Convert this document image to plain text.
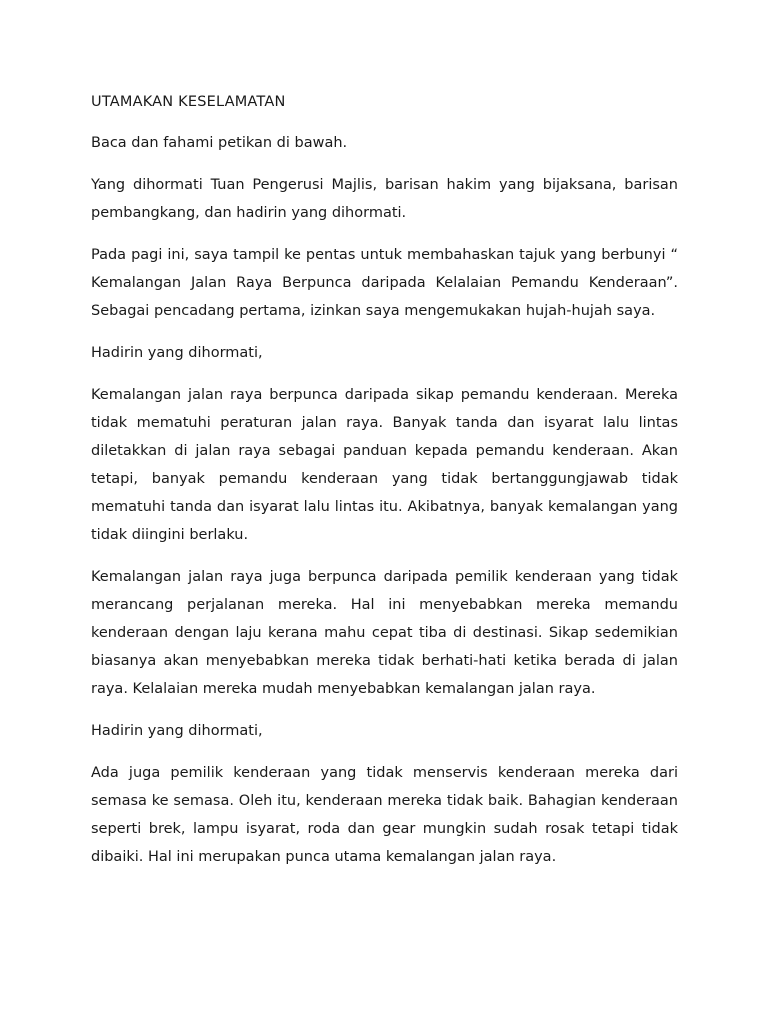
UTAMAKAN KESELAMATAN

Baca dan fahami petikan di bawah.

Yang dihormati Tuan Pengerusi Majlis, barisan hakim yang bijaksana, barisan pembangkang, dan hadirin yang dihormati.

Pada pagi ini, saya tampil ke pentas untuk membahaskan tajuk yang berbunyi “ Kemalangan Jalan Raya Berpunca daripada Kelalaian Pemandu Kenderaan”. Sebagai pencadang pertama, izinkan saya mengemukakan hujah-hujah saya.

Hadirin yang dihormati,

Kemalangan jalan raya berpunca daripada sikap pemandu kenderaan. Mereka tidak mematuhi peraturan jalan raya. Banyak tanda dan isyarat lalu lintas diletakkan di jalan raya sebagai panduan kepada pemandu kenderaan. Akan tetapi, banyak pemandu kenderaan yang tidak bertanggungjawab tidak mematuhi tanda dan isyarat lalu lintas itu. Akibatnya, banyak kemalangan yang tidak diingini berlaku.

Kemalangan jalan raya juga berpunca daripada pemilik kenderaan yang tidak merancang perjalanan mereka. Hal ini menyebabkan mereka memandu kenderaan dengan laju kerana mahu cepat tiba di destinasi. Sikap sedemikian biasanya akan menyebabkan mereka tidak berhati-hati ketika berada di jalan raya. Kelalaian mereka mudah menyebabkan kemalangan jalan raya.

Hadirin yang dihormati,

Ada juga pemilik kenderaan yang tidak menservis kenderaan mereka dari semasa ke semasa. Oleh itu, kenderaan mereka tidak baik. Bahagian kenderaan seperti brek, lampu isyarat, roda dan gear mungkin sudah rosak tetapi tidak dibaiki. Hal ini merupakan punca utama kemalangan jalan raya.
